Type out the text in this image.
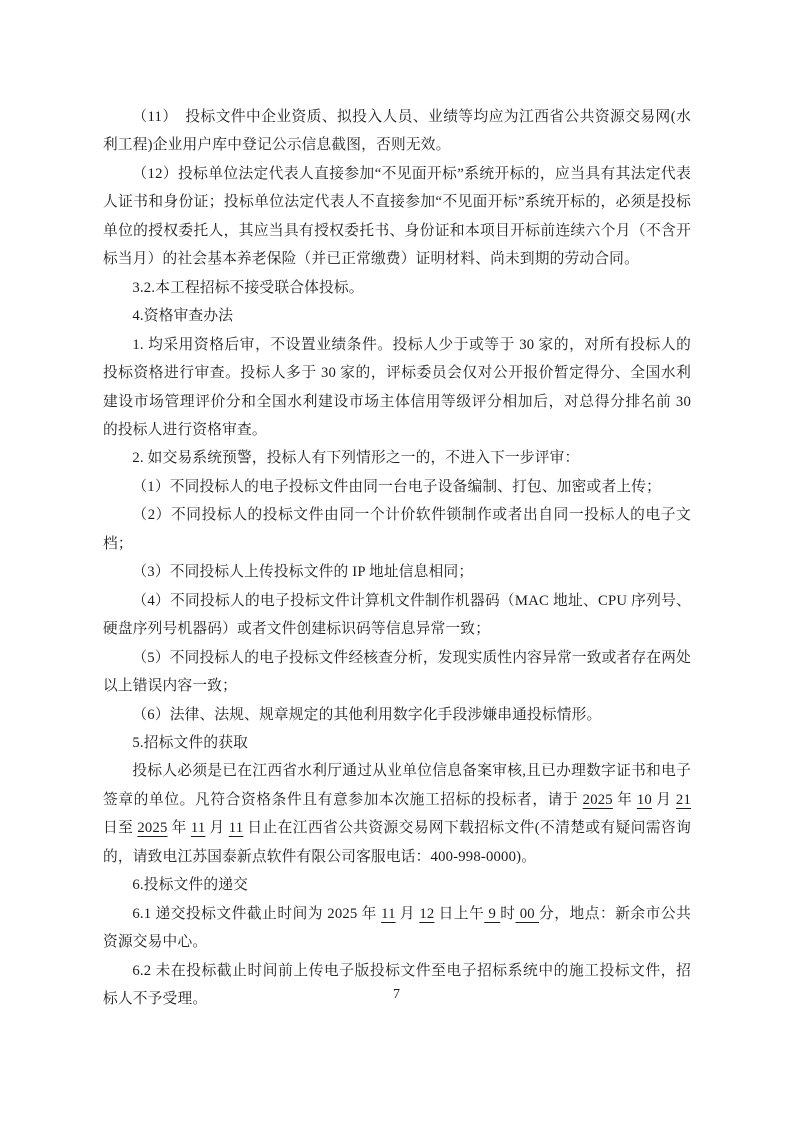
（11）　投标文件中企业资质、拟投入人员、业绩等均应为江西省公共资源交易网(水利工程)企业用户库中登记公示信息截图，否则无效。

（12）投标单位法定代表人直接参加“不见面开标”系统开标的，应当具有其法定代表人证书和身份证；投标单位法定代表人不直接参加“不见面开标”系统开标的，必须是投标单位的授权委托人，其应当具有授权委托书、身份证和本项目开标前连续六个月（不含开标当月）的社会基本养老保险（并已正常缴费）证明材料、尚未到期的劳动合同。

3.2.本工程招标不接受联合体投标。

4.资格审查办法

1. 均采用资格后审，不设置业绩条件。投标人少于或等于 30 家的，对所有投标人的投标资格进行审查。投标人多于 30 家的，评标委员会仅对公开报价暂定得分、全国水利建设市场管理评价分和全国水利建设市场主体信用等级评分相加后，对总得分排名前 30 的投标人进行资格审查。

2. 如交易系统预警，投标人有下列情形之一的，不进入下一步评审：

（1）不同投标人的电子投标文件由同一台电子设备编制、打包、加密或者上传；

（2）不同投标人的投标文件由同一个计价软件锁制作或者出自同一投标人的电子文档；

（3）不同投标人上传投标文件的 IP 地址信息相同；

（4）不同投标人的电子投标文件计算机文件制作机器码（MAC 地址、CPU 序列号、硬盘序列号机器码）或者文件创建标识码等信息异常一致；

（5）不同投标人的电子投标文件经核查分析，发现实质性内容异常一致或者存在两处以上错误内容一致；

（6）法律、法规、规章规定的其他利用数字化手段涉嫌串通投标情形。

5.招标文件的获取

投标人必须是已在江西省水利厅通过从业单位信息备案审核,且已办理数字证书和电子签章的单位。凡符合资格条件且有意参加本次施工招标的投标者，请于 2025 年 10 月 21 日至 2025 年 11 月 11 日止在江西省公共资源交易网下载招标文件(不清楚或有疑问需咨询的，请致电江苏国泰新点软件有限公司客服电话：400-998-0000)。

6.投标文件的递交

6.1 递交投标文件截止时间为 2025 年 11 月 12 日上午 9 时 00 分，地点：新余市公共资源交易中心。

6.2 未在投标截止时间前上传电子版投标文件至电子招标系统中的施工投标文件，招标人不予受理。	7
